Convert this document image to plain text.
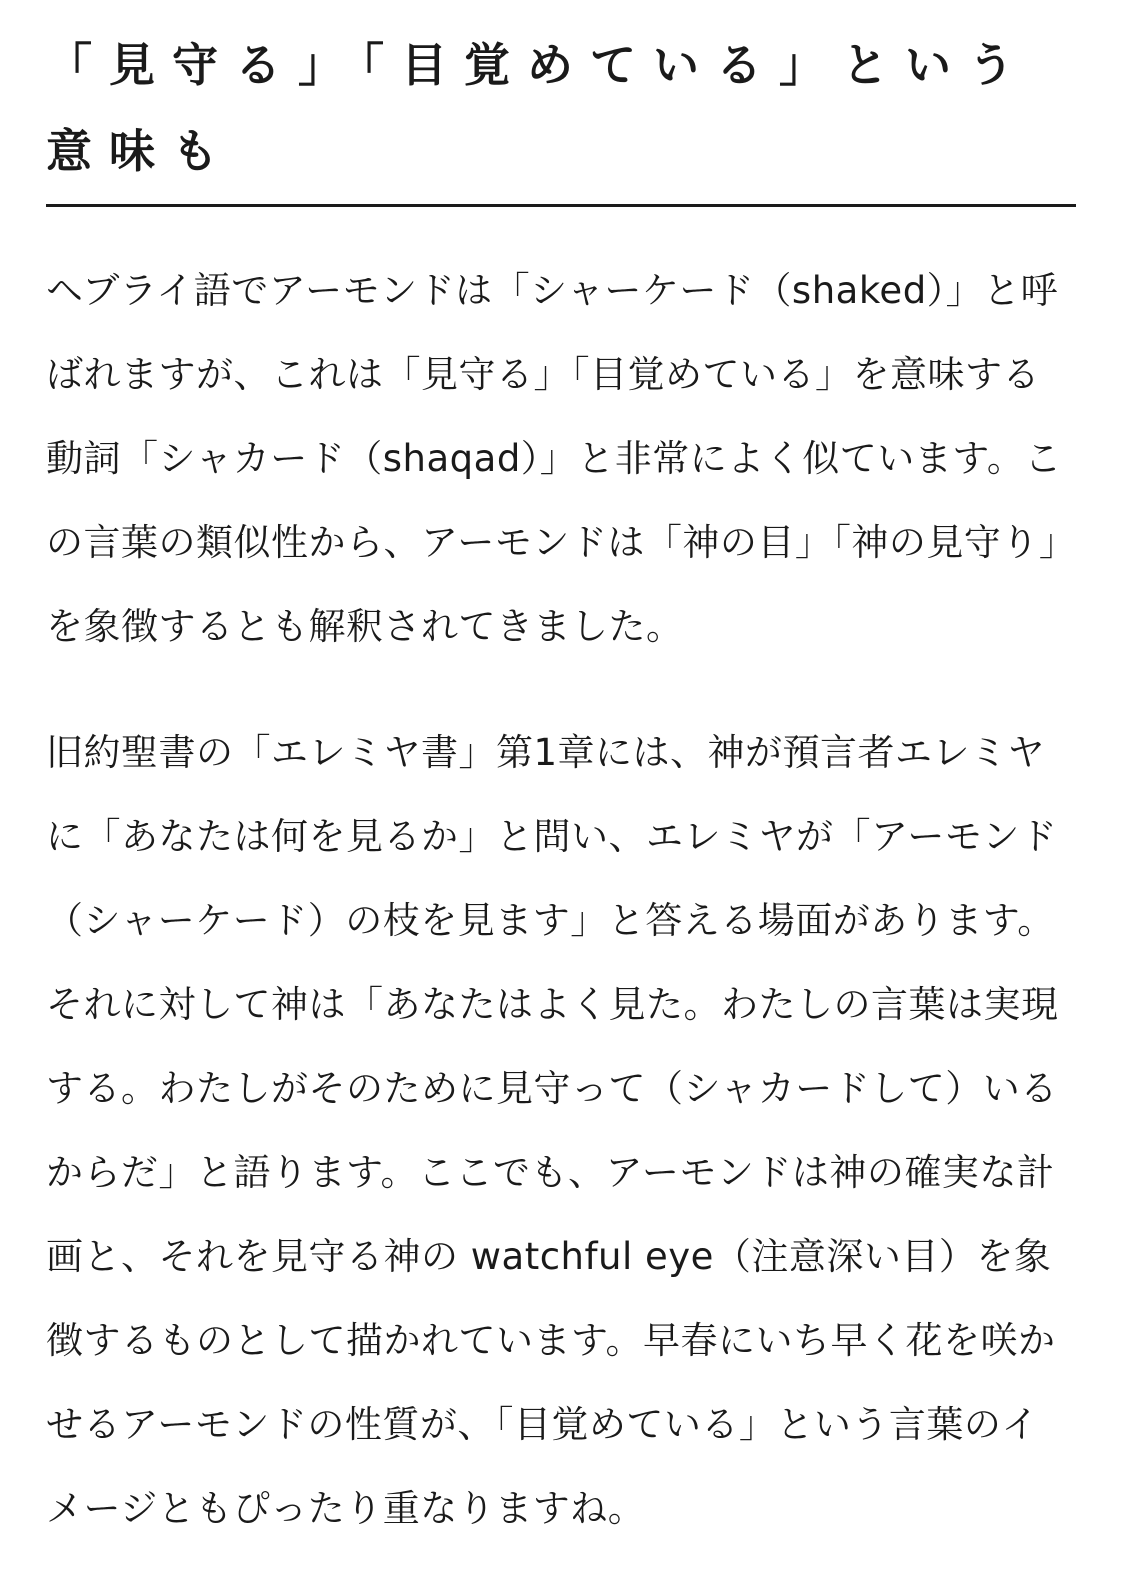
「見守る」「目覚めている」という意味も

ヘブライ語でアーモンドは「シャーケード（shaked）」と呼ばれますが、これは「見守る」「目覚めている」を意味する動詞「シャカード（shaqad）」と非常によく似ています。この言葉の類似性から、アーモンドは「神の目」「神の見守り」を象徴するとも解釈されてきました。

旧約聖書の「エレミヤ書」第1章には、神が預言者エレミヤに「あなたは何を見るか」と問い、エレミヤが「アーモンド（シャーケード）の枝を見ます」と答える場面があります。それに対して神は「あなたはよく見た。わたしの言葉は実現する。わたしがそのために見守って（シャカードして）いるからだ」と語ります。ここでも、アーモンドは神の確実な計画と、それを見守る神の watchful eye（注意深い目）を象徴するものとして描かれています。早春にいち早く花を咲かせるアーモンドの性質が、「目覚めている」という言葉のイメージともぴったり重なりますね。
